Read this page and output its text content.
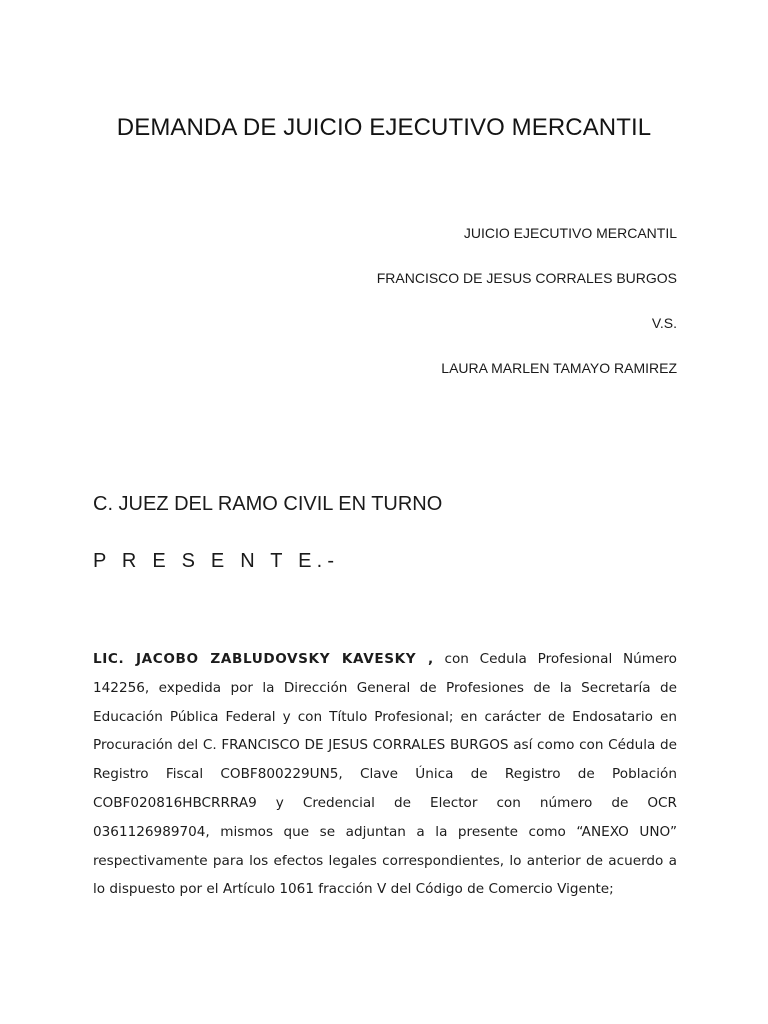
DEMANDA DE JUICIO EJECUTIVO MERCANTIL
JUICIO EJECUTIVO MERCANTIL
FRANCISCO DE JESUS CORRALES BURGOS
V.S.
LAURA MARLEN TAMAYO RAMIREZ
C. JUEZ DEL RAMO CIVIL EN TURNO
P R E S E N T E.-
LIC. JACOBO ZABLUDOVSKY KAVESKY , con Cedula Profesional Número 142256, expedida por la Dirección General de Profesiones de la Secretaría de Educación Pública Federal y con Título Profesional; en carácter de Endosatario en Procuración del C. FRANCISCO DE JESUS CORRALES BURGOS así como con Cédula de Registro Fiscal COBF800229UN5, Clave Única de Registro de Población COBF020816HBCRRRA9 y Credencial de Elector con número de OCR 0361126989704, mismos que se adjuntan a la presente como “ANEXO UNO” respectivamente para los efectos legales correspondientes, lo anterior de acuerdo a lo dispuesto por el Artículo 1061 fracción V del Código de Comercio Vigente;
